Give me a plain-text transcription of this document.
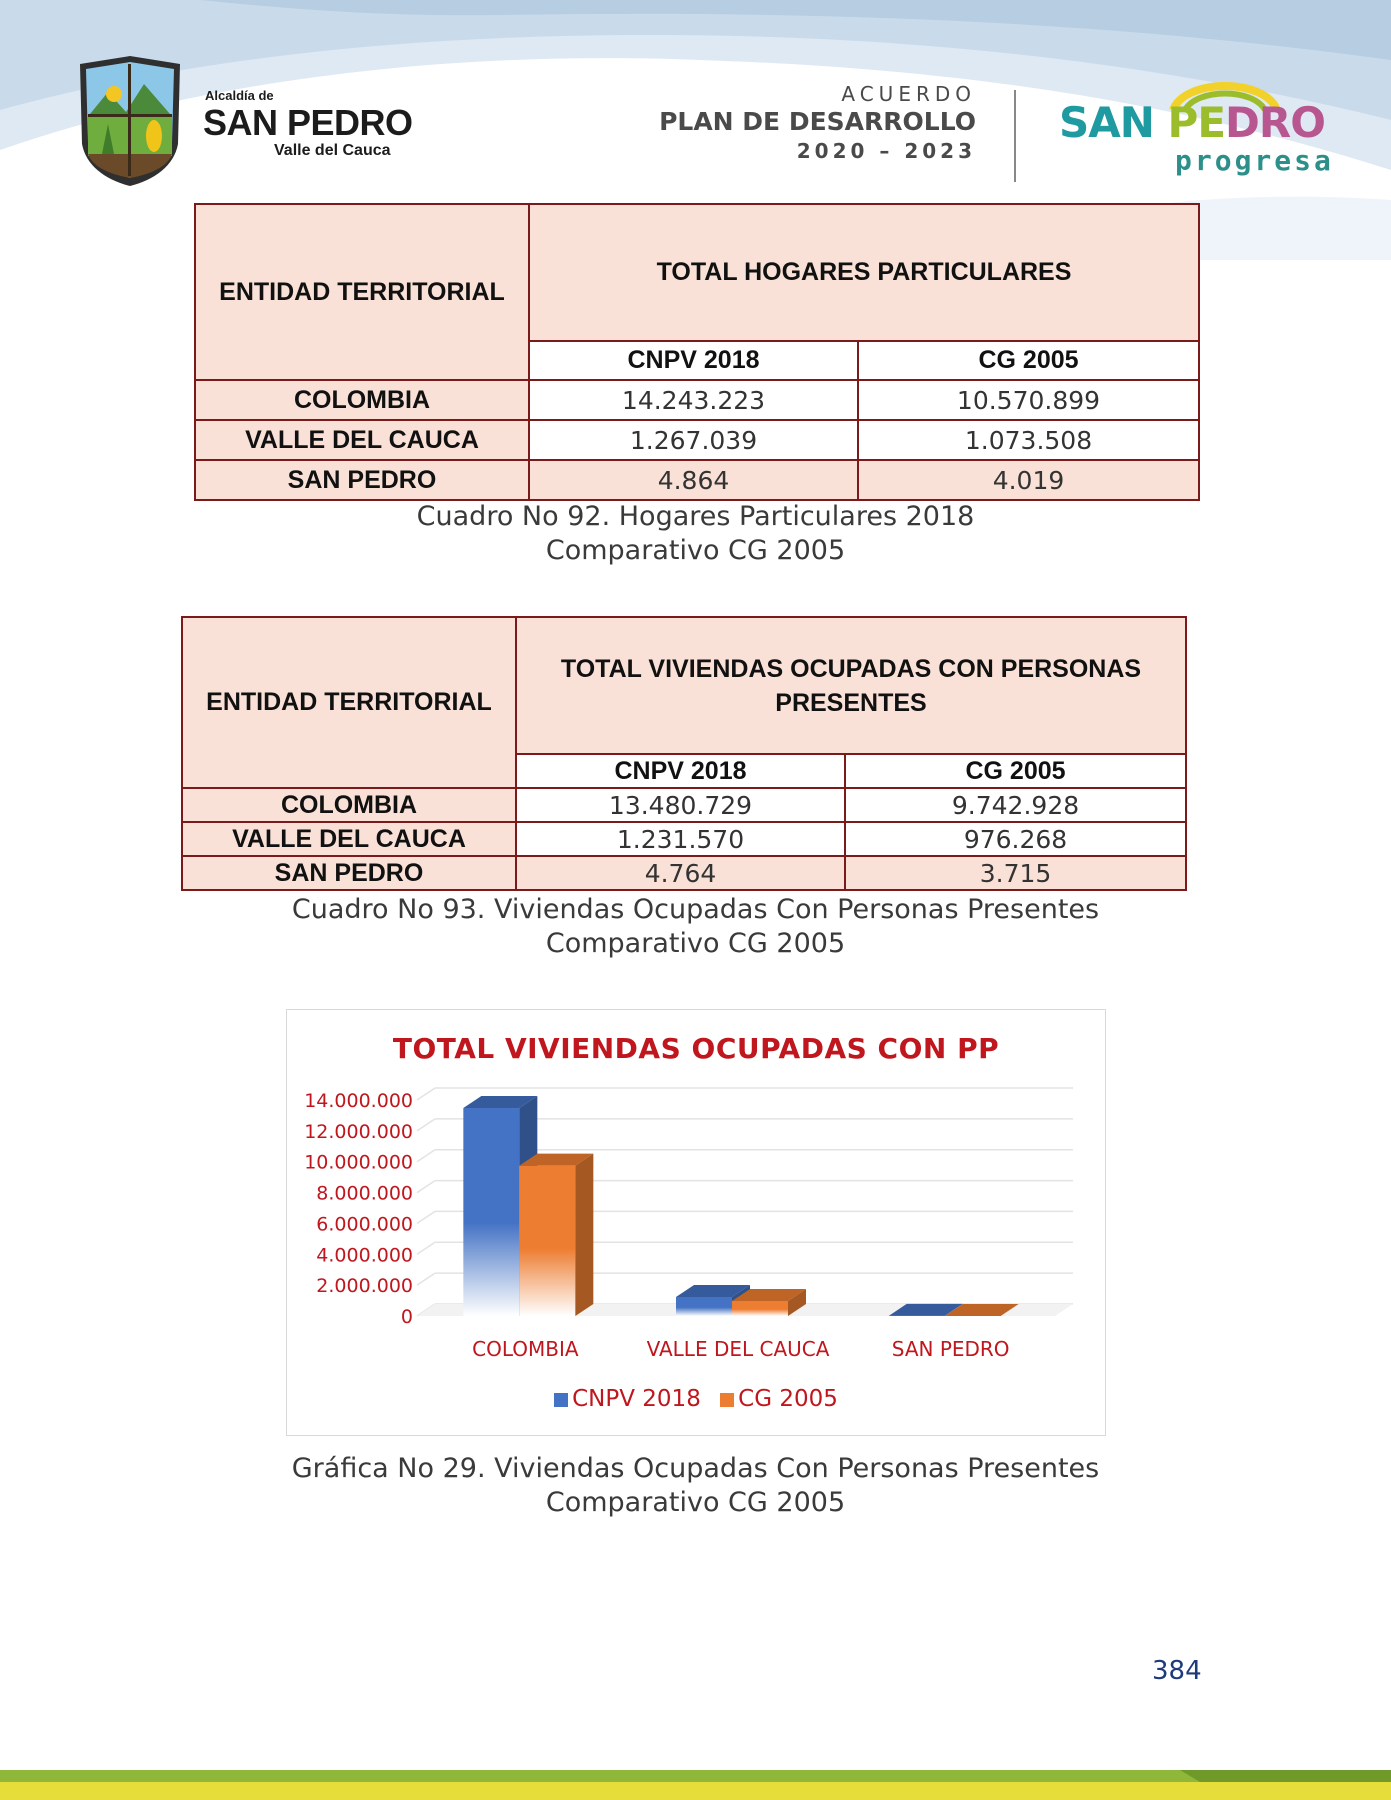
Alcaldía de
SAN PEDRO
Valle del Cauca
ACUERDO
PLAN DE DESARROLLO
2020 – 2023
SAN PEDRO
progresa
ENTIDAD TERRITORIAL	TOTAL HOGARES PARTICULARES	
	CNPV 2018	CG 2005
COLOMBIA	14.243.223	10.570.899
VALLE DEL CAUCA	1.267.039	1.073.508
SAN PEDRO	4.864	4.019
Cuadro No 92. Hogares Particulares 2018
Comparativo CG 2005
ENTIDAD TERRITORIAL	TOTAL VIVIENDAS OCUPADAS CON PERSONAS
PRESENTES	

	CNPV 2018	CG 2005
COLOMBIA	13.480.729	9.742.928
VALLE DEL CAUCA	1.231.570	976.268
SAN PEDRO	4.764	3.715
Cuadro No 93. Viviendas Ocupadas Con Personas Presentes
Comparativo CG 2005
TOTAL VIVIENDAS OCUPADAS CON PP
0
2.000.000
4.000.000
6.000.000
8.000.000
10.000.000
12.000.000
14.000.000
COLOMBIA	VALLE DEL CAUCA	SAN PEDRO
CNPV 2018 CG 2005
Gráfica No 29. Viviendas Ocupadas Con Personas Presentes
Comparativo CG 2005
384
